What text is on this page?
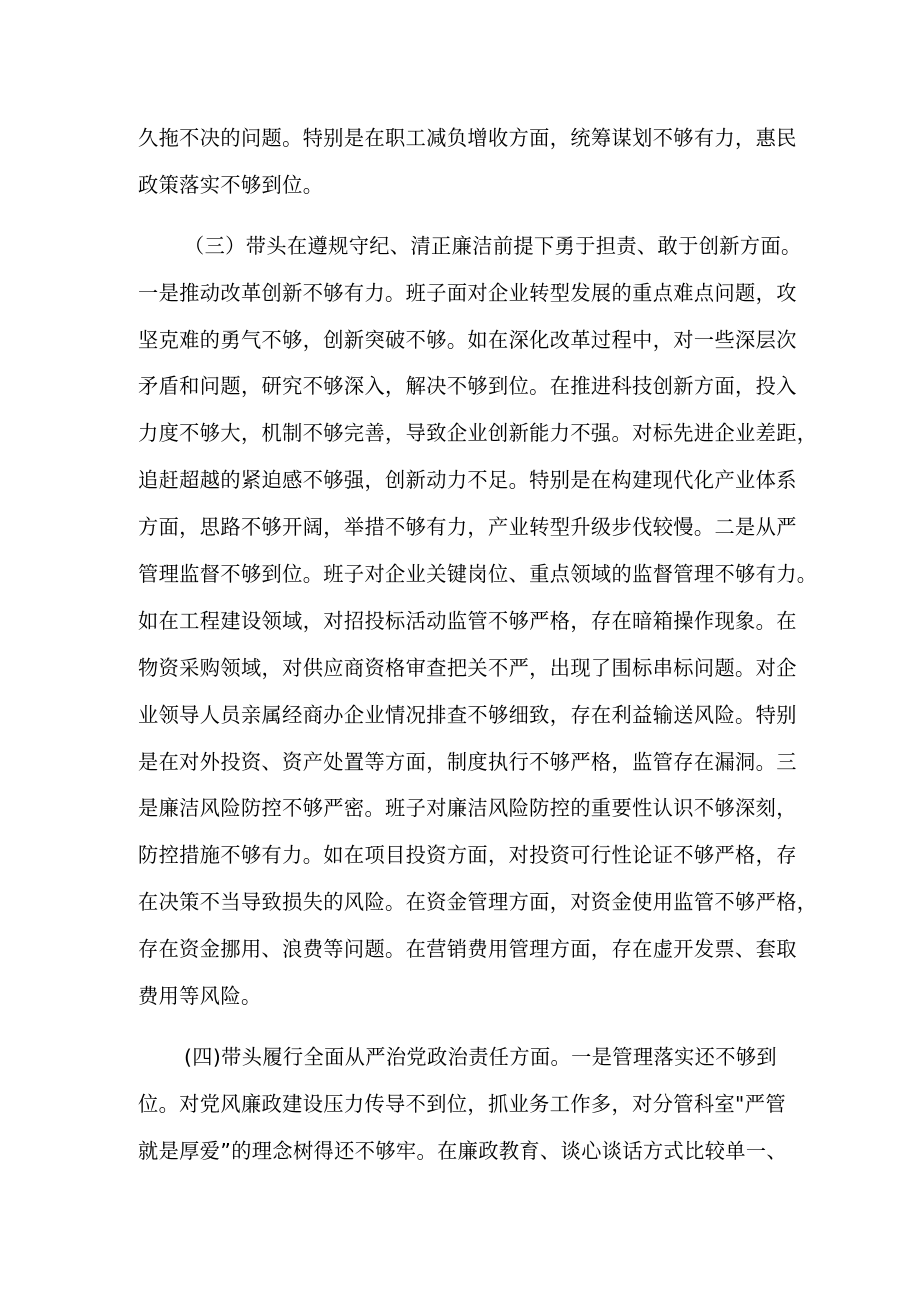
久拖不决的问题。特别是在职工减负增收方面，统筹谋划不够有力，惠民
政策落实不够到位。
（三）带头在遵规守纪、清正廉洁前提下勇于担责、敢于创新方面。
一是推动改革创新不够有力。班子面对企业转型发展的重点难点问题，攻
坚克难的勇气不够，创新突破不够。如在深化改革过程中，对一些深层次
矛盾和问题，研究不够深入，解决不够到位。在推进科技创新方面，投入
力度不够大，机制不够完善，导致企业创新能力不强。对标先进企业差距，
追赶超越的紧迫感不够强，创新动力不足。特别是在构建现代化产业体系
方面，思路不够开阔，举措不够有力，产业转型升级步伐较慢。二是从严
管理监督不够到位。班子对企业关键岗位、重点领域的监督管理不够有力。
如在工程建设领域，对招投标活动监管不够严格，存在暗箱操作现象。在
物资采购领域，对供应商资格审查把关不严，出现了围标串标问题。对企
业领导人员亲属经商办企业情况排查不够细致，存在利益输送风险。特别
是在对外投资、资产处置等方面，制度执行不够严格，监管存在漏洞。三
是廉洁风险防控不够严密。班子对廉洁风险防控的重要性认识不够深刻，
防控措施不够有力。如在项目投资方面，对投资可行性论证不够严格，存
在决策不当导致损失的风险。在资金管理方面，对资金使用监管不够严格，
存在资金挪用、浪费等问题。在营销费用管理方面，存在虚开发票、套取
费用等风险。
(四)带头履行全面从严治党政治责任方面。一是管理落实还不够到
位。对党风廉政建设压力传导不到位，抓业务工作多，对分管科室"严管
就是厚爱”的理念树得还不够牢。在廉政教育、谈心谈话方式比较单一、
